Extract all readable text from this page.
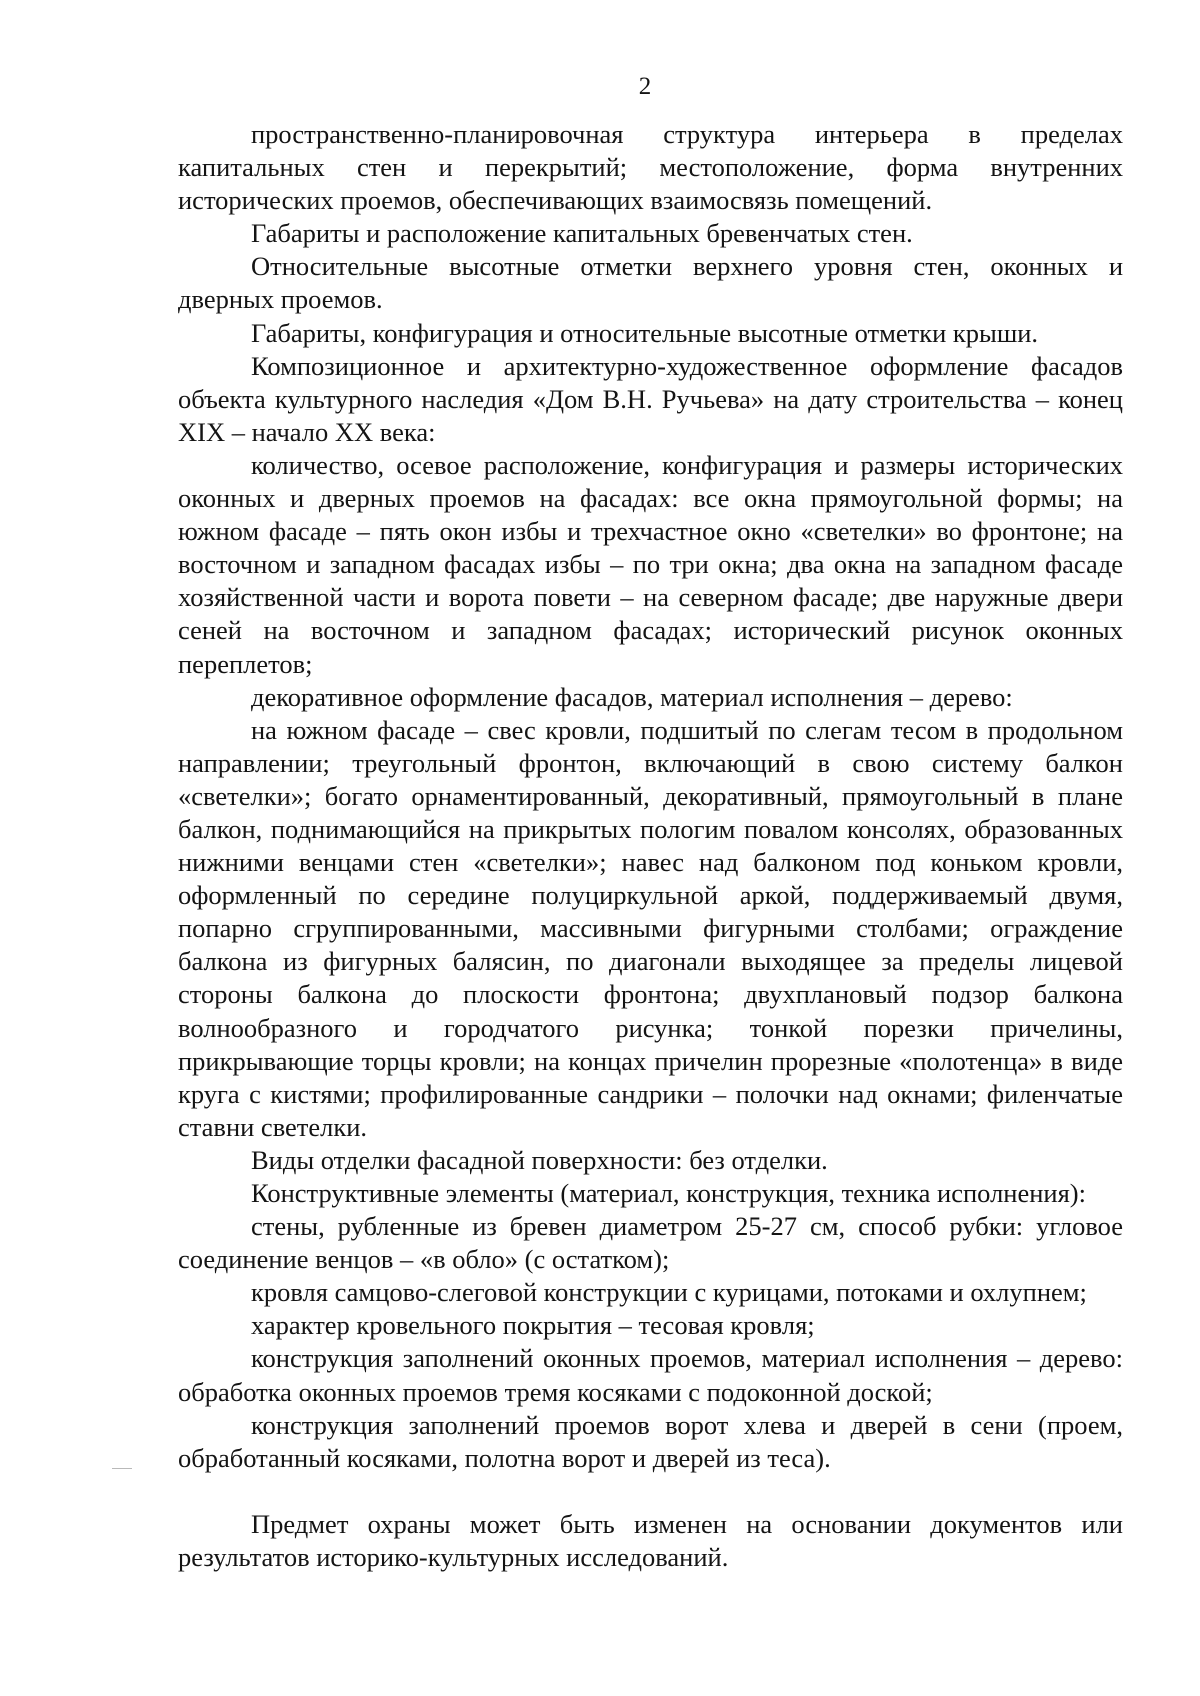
2

пространственно-планировочная структура интерьера в пределах капитальных стен и перекрытий; местоположение, форма внутренних исторических проемов, обеспечивающих взаимосвязь помещений.

Габариты и расположение капитальных бревенчатых стен.

Относительные высотные отметки верхнего уровня стен, оконных и дверных проемов.

Габариты, конфигурация и относительные высотные отметки крыши.

Композиционное и архитектурно-художественное оформление фасадов объекта культурного наследия «Дом В.Н. Ручьева» на дату строительства – конец XIX – начало XX века:

количество, осевое расположение, конфигурация и размеры исторических оконных и дверных проемов на фасадах: все окна прямоугольной формы; на южном фасаде – пять окон избы и трехчастное окно «светелки» во фронтоне; на восточном и западном фасадах избы – по три окна; два окна на западном фасаде хозяйственной части и ворота повети – на северном фасаде; две наружные двери сеней на восточном и западном фасадах; исторический рисунок оконных переплетов;

декоративное оформление фасадов, материал исполнения – дерево:

на южном фасаде – свес кровли, подшитый по слегам тесом в продольном направлении; треугольный фронтон, включающий в свою систему балкон «светелки»; богато орнаментированный, декоративный, прямоугольный в плане балкон, поднимающийся на прикрытых пологим повалом консолях, образованных нижними венцами стен «светелки»; навес над балконом под коньком кровли, оформленный по середине полуциркульной аркой, поддерживаемый двумя, попарно сгруппированными, массивными фигурными столбами; ограждение балкона из фигурных балясин, по диагонали выходящее за пределы лицевой стороны балкона до плоскости фронтона; двухплановый подзор балкона волнообразного и городчатого рисунка; тонкой порезки причелины, прикрывающие торцы кровли; на концах причелин прорезные «полотенца» в виде круга с кистями; профилированные сандрики – полочки над окнами; филенчатые ставни светелки.

Виды отделки фасадной поверхности: без отделки.

Конструктивные элементы (материал, конструкция, техника исполнения):

стены, рубленные из бревен диаметром 25-27 см, способ рубки: угловое соединение венцов – «в обло» (с остатком);

кровля самцово-слеговой конструкции с курицами, потоками и охлупнем;

характер кровельного покрытия – тесовая кровля;

конструкция заполнений оконных проемов, материал исполнения – дерево: обработка оконных проемов тремя косяками с подоконной доской;

конструкция заполнений проемов ворот хлева и дверей в сени (проем, обработанный косяками, полотна ворот и дверей из теса).

Предмет охраны может быть изменен на основании документов или результатов историко-культурных исследований.
